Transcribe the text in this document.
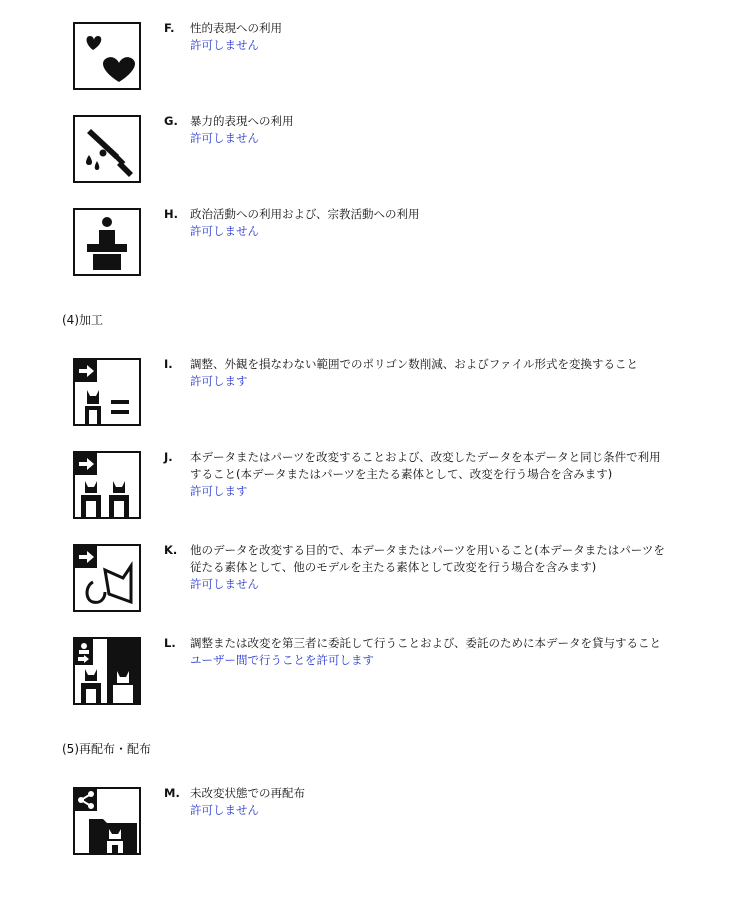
F. 性的表現への利用
許可しません
G. 暴力的表現への利用
許可しません
H. 政治活動への利用および、宗教活動への利用
許可しません
(4)加工
I. 調整、外観を損なわない範囲でのポリゴン数削減、およびファイル形式を変換すること
許可します
J. 本データまたはパーツを改変することおよび、改変したデータを本データと同じ条件で利用すること(本データまたはパーツを主たる素体として、改変を行う場合を含みます)
許可します
K. 他のデータを改変する目的で、本データまたはパーツを用いること(本データまたはパーツを従たる素体として、他のモデルを主たる素体として改変を行う場合を含みます)
許可しません
L. 調整または改変を第三者に委託して行うことおよび、委託のために本データを貸与すること
ユーザー間で行うことを許可します
(5)再配布・配布
M. 未改変状態での再配布
許可しません
